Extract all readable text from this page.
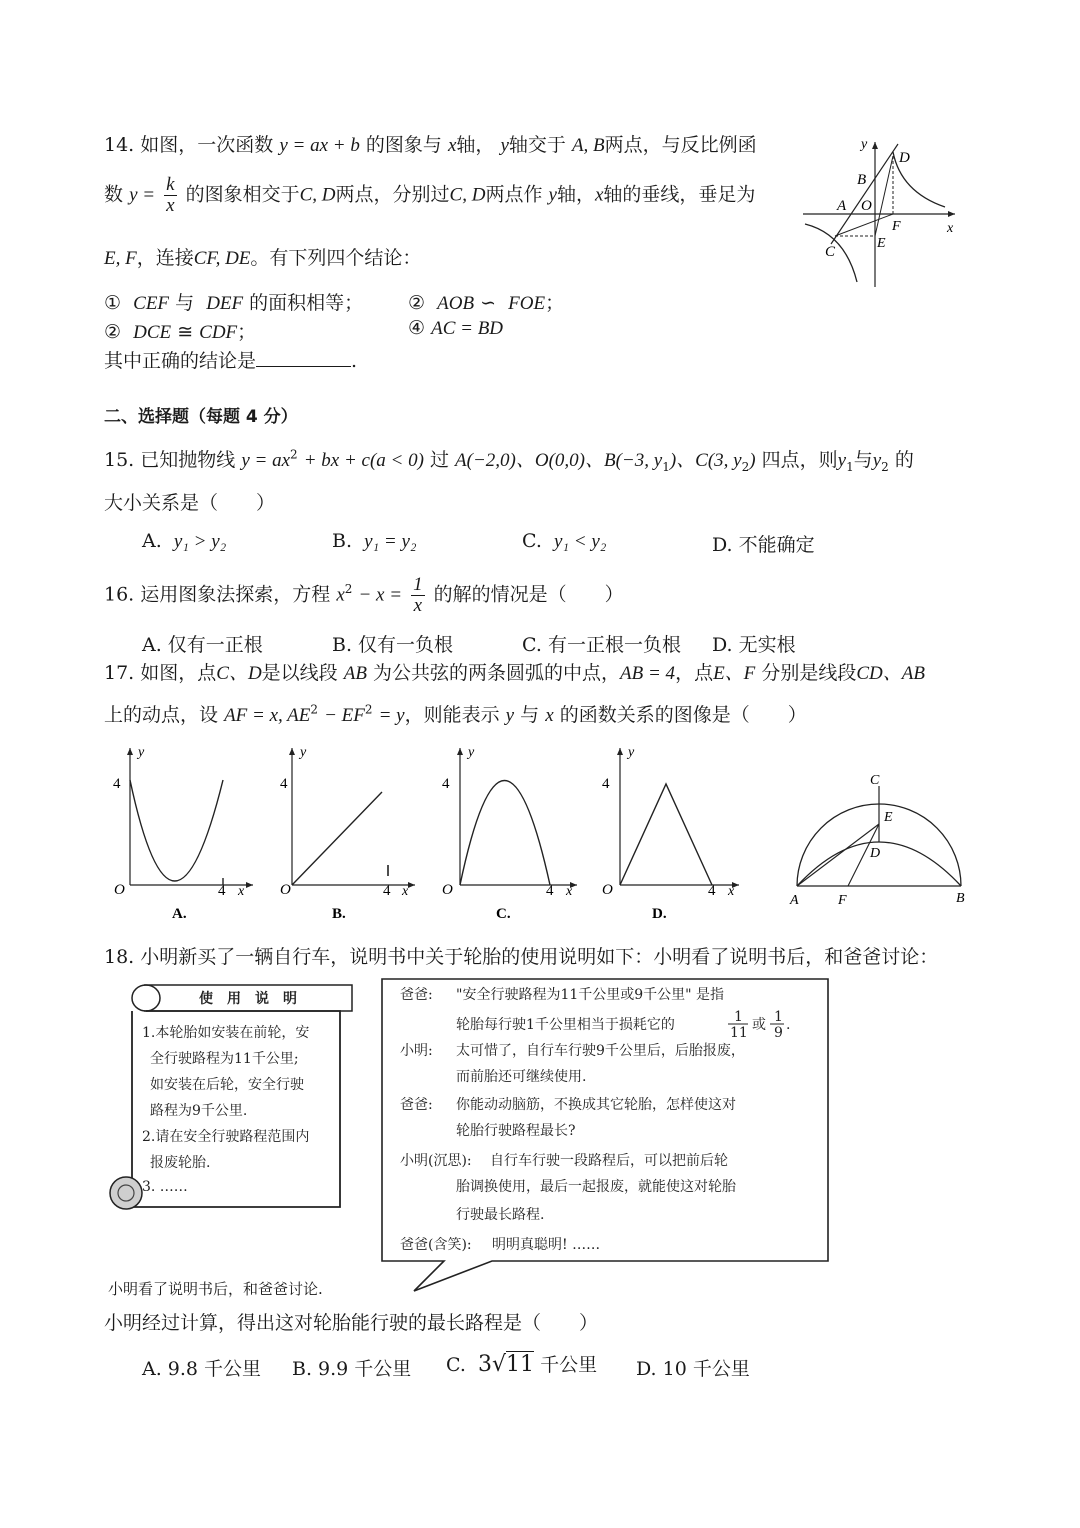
14. 如图，一次函数 y = ax + b 的图象与 x轴， y轴交于 A, B两点，与反比例函
数 $y = \frac{k}{x}$ 的图象相交于C, D两点，分别过C, D两点作 y轴，x轴的垂线，垂足为
E, F，连接CF, DE。有下列四个结论：
① CEF 与 DEF 的面积相等； ② AOB ∽ FOE；
② DCE ≅ CDF；	④ AC = BD
其中正确的结论是	.
y
x
D
B
A O
F
E
C
二、选择题（每题 4 分）
15. 已知抛物线 $y = ax^2$ + bx + c(a < 0) 过 A(−2,0)、O(0,0)、B(−3, $y_1$)、C(3, $y_2$) 四点，则$y_1$与$y_2$ 的
大小关系是（　　）
A. y₁ > y₂	B. y₁ = y₂	C. y₁ < y₂	D. 不能确定
16. 运用图象法探索，方程 $x^2 - x = \frac{1}{x}$ 的解的情况是（　　）
A. 仅有一正根	B. 仅有一负根	C. 有一正根一负根 D. 无实根
17. 如图，点C、D是以线段 AB 为公共弦的两条圆弧的中点，AB = 4，点E、F 分别是线段CD、AB
上的动点，设 AF = x, $AE^2 - EF^2 = y$，则能表示 y 与 x 的函数关系的图像是（　　）
y
4
O	4 x
A.
y
4
O	4 x
B.
y
4
O	4 x
C.
y
4
O	4 x
D.
C
E
D
A	F	B
18. 小明新买了一辆自行车，说明书中关于轮胎的使用说明如下：小明看了说明书后，和爸爸讨论：
使　用　说　明
1.本轮胎如安装在前轮，安
全行驶路程为11千公里;
如安装在后轮，安全行驶
路程为9千公里.
2.请在安全行驶路程范围内
报废轮胎.
3. ……
爸爸: "安全行驶路程为11千公里或9千公里" 是指
轮胎每行驶1千公里相当于损耗它的	1
11 或 1
9 .
小明: 太可惜了，自行车行驶9千公里后，后胎报废，
而前胎还可继续使用.
爸爸: 你能动动脑筋，不换成其它轮胎，怎样使这对
轮胎行驶路程最长?
小明(沉思): 自行车行驶一段路程后，可以把前后轮
胎调换使用，最后一起报废，就能使这对轮胎
行驶最长路程.
爸爸(含笑): 明明真聪明! ……
小明看了说明书后，和爸爸讨论.
小明经过计算，得出这对轮胎能行驶的最长路程是（　　）
A. 9.8 千公里 B. 9.9 千公里 C. 3√11 千公里 D. 10 千公里
